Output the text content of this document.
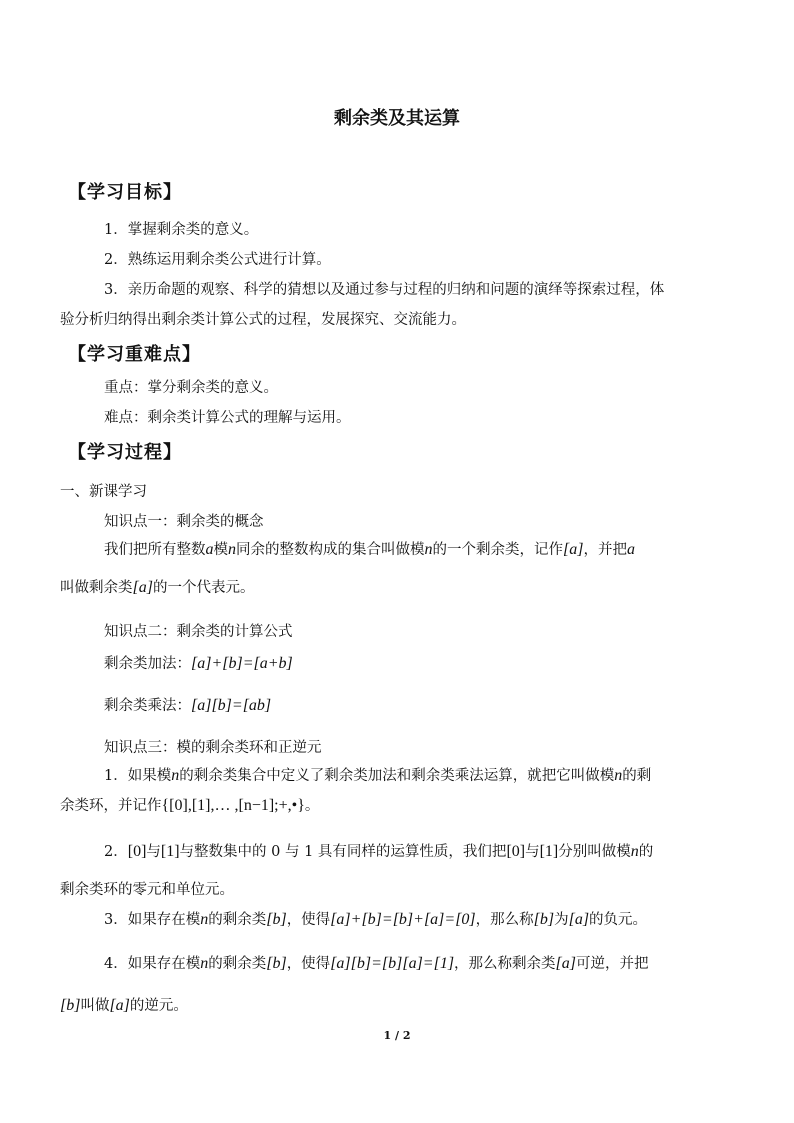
剩余类及其运算
【学习目标】
1．掌握剩余类的意义。
2．熟练运用剩余类公式进行计算。
3．亲历命题的观察、科学的猜想以及通过参与过程的归纳和问题的演绎等探索过程，体
验分析归纳得出剩余类计算公式的过程，发展探究、交流能力。
【学习重难点】
重点：掌分剩余类的意义。
难点：剩余类计算公式的理解与运用。
【学习过程】
一、新课学习
知识点一：剩余类的概念
我们把所有整数a模n同余的整数构成的集合叫做模n的一个剩余类，记作[a]，并把a
叫做剩余类[a]的一个代表元。
知识点二：剩余类的计算公式
剩余类加法：[a]+[b]=[a+b]
剩余类乘法：[a][b]=[ab]
知识点三：模的剩余类环和正逆元
1．如果模n的剩余类集合中定义了剩余类加法和剩余类乘法运算，就把它叫做模n的剩
余类环，并记作{[0],[1],… ,[n−1];+,•}。
2．[0]与[1]与整数集中的 0 与 1 具有同样的运算性质，我们把[0]与[1]分别叫做模n的
剩余类环的零元和单位元。
3．如果存在模n的剩余类[b]，使得[a]+[b]=[b]+[a]=[0]，那么称[b]为[a]的负元。
4．如果存在模n的剩余类[b]，使得[a][b]=[b][a]=[1]，那么称剩余类[a]可逆，并把
[b]叫做[a]的逆元。
1 / 2
